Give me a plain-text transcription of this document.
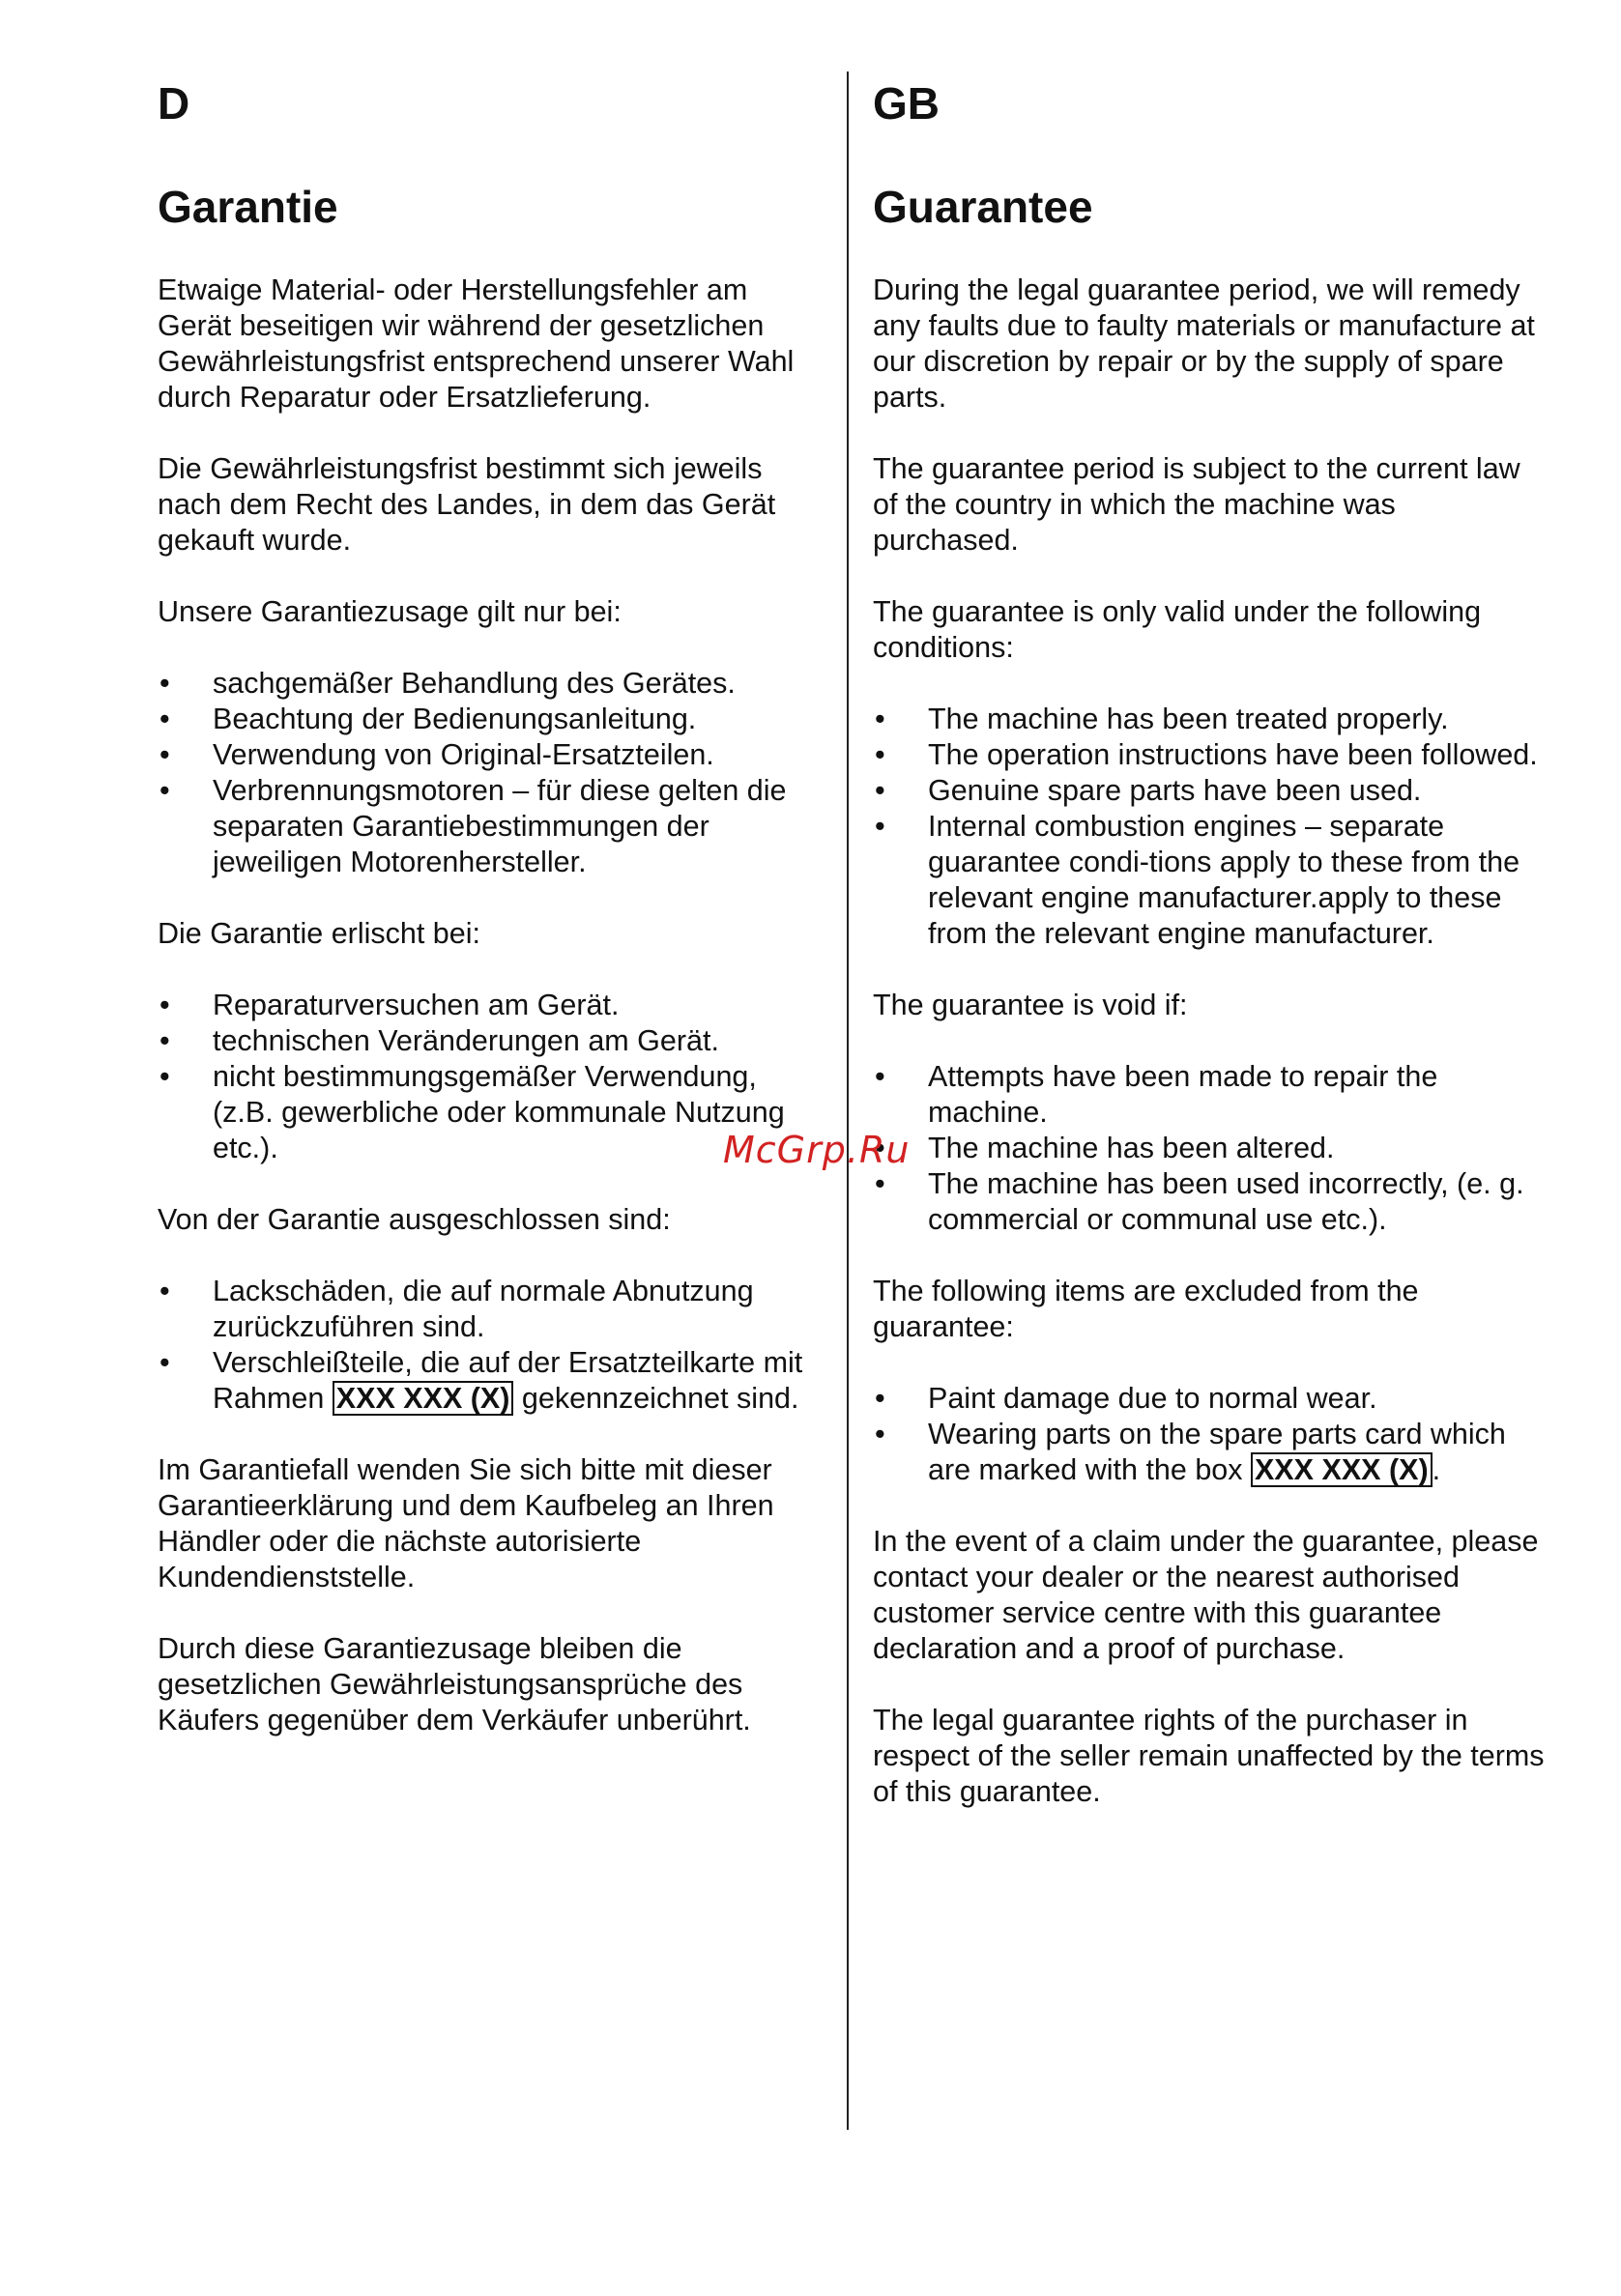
D
Garantie

Etwaige Material- oder Herstellungsfehler am Gerät beseitigen wir während der gesetzlichen Gewährleistungsfrist entsprechend unserer Wahl durch Reparatur oder Ersatzlieferung.

Die Gewährleistungsfrist bestimmt sich jeweils nach dem Recht des Landes, in dem das Gerät gekauft wurde.

Unsere Garantiezusage gilt nur bei:

• sachgemäßer Behandlung des Gerätes.
• Beachtung der Bedienungsanleitung.
• Verwendung von Original-Ersatzteilen.
• Verbrennungsmotoren – für diese gelten die separaten Garantiebestimmungen der jeweiligen Motorenhersteller.

Die Garantie erlischt bei:

• Reparaturversuchen am Gerät.
• technischen Veränderungen am Gerät.
• nicht bestimmungsgemäßer Verwendung, (z.B. gewerbliche oder kommunale Nutzung etc.).

Von der Garantie ausgeschlossen sind:

• Lackschäden, die auf normale Abnutzung zurückzuführen sind.
• Verschleißteile, die auf der Ersatzteilkarte mit Rahmen XXX XXX (X) gekennzeichnet sind.

Im Garantiefall wenden Sie sich bitte mit dieser Garantieerklärung und dem Kaufbeleg an Ihren Händler oder die nächste autorisierte Kundendienststelle.

Durch diese Garantiezusage bleiben die gesetzlichen Gewährleistungsansprüche des Käufers gegenüber dem Verkäufer unberührt.

GB
Guarantee

During the legal guarantee period, we will remedy any faults due to faulty materials or manufacture at our discretion by repair or by the supply of spare parts.

The guarantee period is subject to the current law of the country in which the machine was purchased.

The guarantee is only valid under the following conditions:

• The machine has been treated properly.
• The operation instructions have been followed.
• Genuine spare parts have been used.
• Internal combustion engines – separate guarantee condi-tions apply to these from the relevant engine manufacturer.apply to these from the relevant engine manufacturer.

The guarantee is void if:

• Attempts have been made to repair the machine.
• The machine has been altered.
• The machine has been used incorrectly, (e. g. commercial or communal use etc.).

The following items are excluded from the guarantee:

• Paint damage due to normal wear.
• Wearing parts on the spare parts card which are marked with the box XXX XXX (X) .

In the event of a claim under the guarantee, please contact your dealer or the nearest authorised customer service centre with this guarantee declaration and a proof of purchase.

The legal guarantee rights of the purchaser in respect of the seller remain unaffected by the terms of this guarantee.

McGrp.Ru
